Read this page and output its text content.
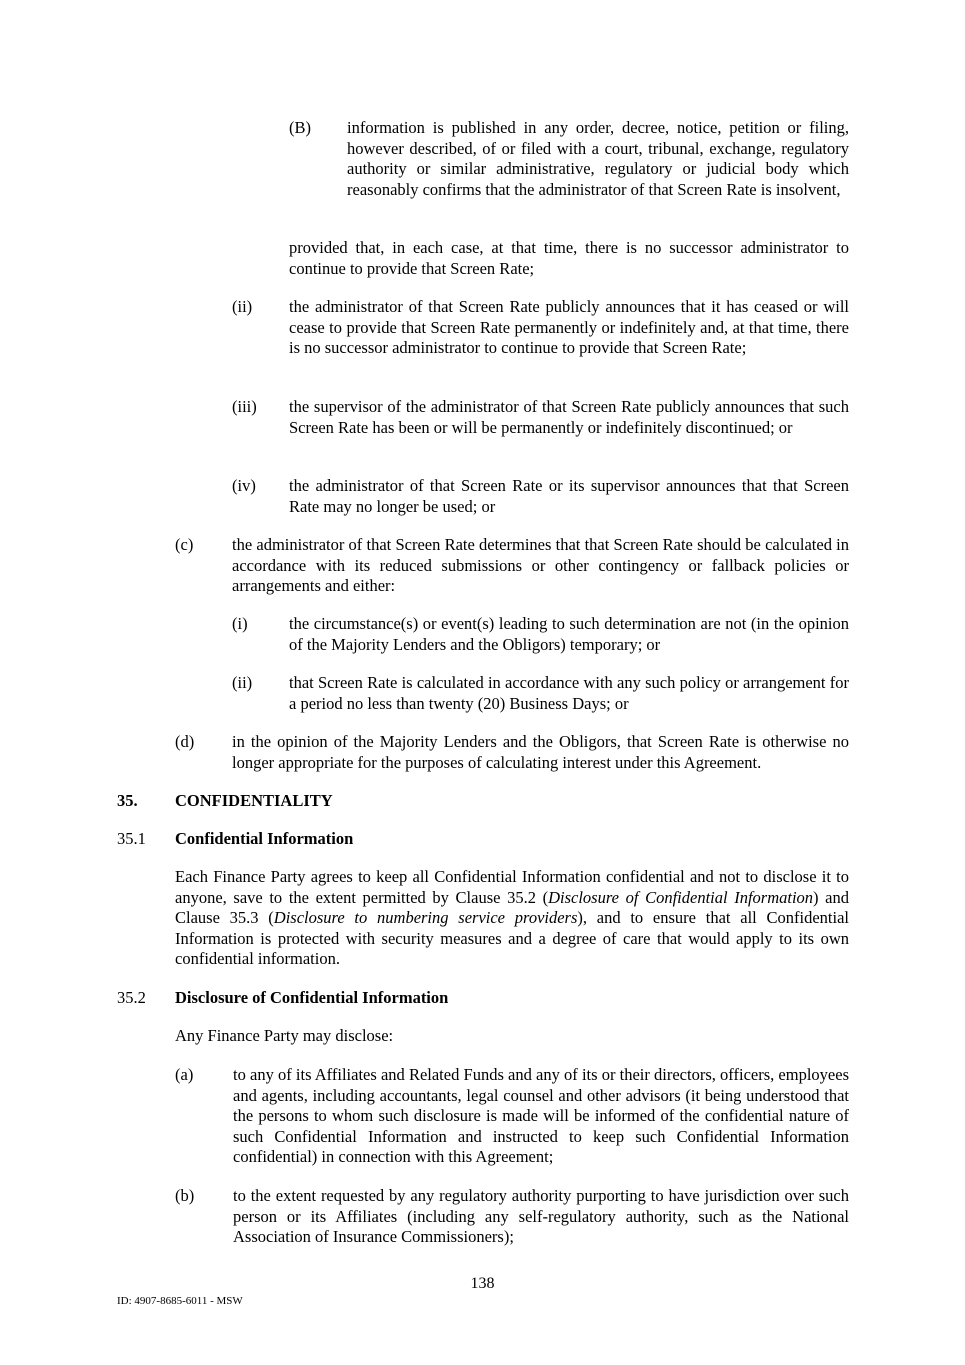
(B) information is published in any order, decree, notice, petition or filing, however described, of or filed with a court, tribunal, exchange, regulatory authority or similar administrative, regulatory or judicial body which reasonably confirms that the administrator of that Screen Rate is insolvent,
provided that, in each case, at that time, there is no successor administrator to continue to provide that Screen Rate;
(ii) the administrator of that Screen Rate publicly announces that it has ceased or will cease to provide that Screen Rate permanently or indefinitely and, at that time, there is no successor administrator to continue to provide that Screen Rate;
(iii) the supervisor of the administrator of that Screen Rate publicly announces that such Screen Rate has been or will be permanently or indefinitely discontinued; or
(iv) the administrator of that Screen Rate or its supervisor announces that that Screen Rate may no longer be used; or
(c) the administrator of that Screen Rate determines that that Screen Rate should be calculated in accordance with its reduced submissions or other contingency or fallback policies or arrangements and either:
(i)	the circumstance(s) or event(s) leading to such determination are not (in the opinion of the Majority Lenders and the Obligors) temporary; or
(ii) that Screen Rate is calculated in accordance with any such policy or arrangement for a period no less than twenty (20) Business Days; or
(d) in the opinion of the Majority Lenders and the Obligors, that Screen Rate is otherwise no longer appropriate for the purposes of calculating interest under this Agreement.
35. CONFIDENTIALITY
35.1 Confidential Information
Each Finance Party agrees to keep all Confidential Information confidential and not to disclose it to anyone, save to the extent permitted by Clause 35.2 (Disclosure of Confidential Information) and Clause 35.3 (Disclosure to numbering service providers), and to ensure that all Confidential Information is protected with security measures and a degree of care that would apply to its own confidential information.
35.2 Disclosure of Confidential Information
Any Finance Party may disclose:
(a) to any of its Affiliates and Related Funds and any of its or their directors, officers, employees and agents, including accountants, legal counsel and other advisors (it being understood that the persons to whom such disclosure is made will be informed of the confidential nature of such Confidential Information and instructed to keep such Confidential Information confidential) in connection with this Agreement;
(b) to the extent requested by any regulatory authority purporting to have jurisdiction over such person or its Affiliates (including any self-regulatory authority, such as the National Association of Insurance Commissioners);
138
ID: 4907-8685-6011 - MSW
